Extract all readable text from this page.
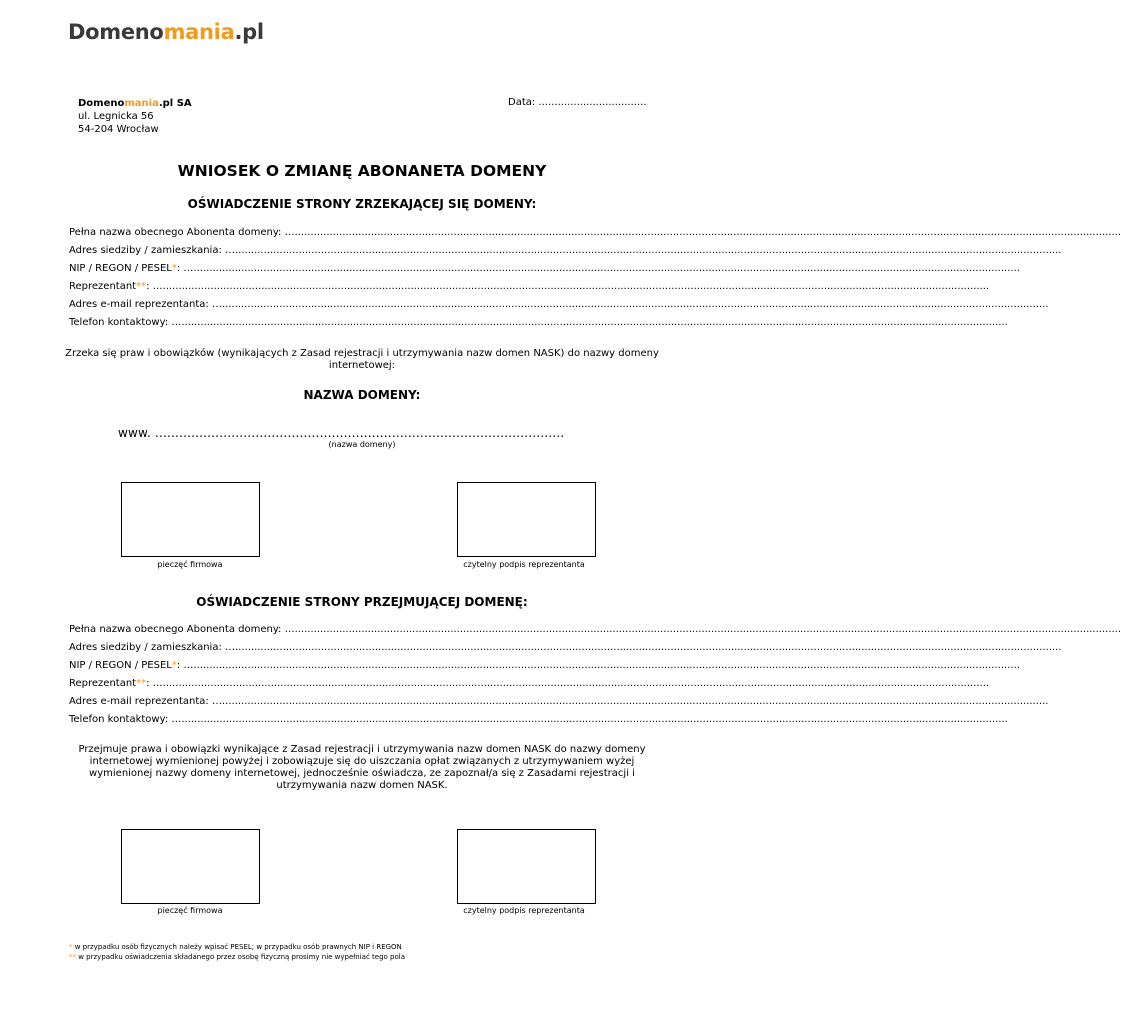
Domenomania.pl
Domenomania.pl SA
ul. Legnicka 56
54-204 Wrocław
Data: ..................................
WNIOSEK O ZMIANĘ ABONANETA DOMENY
OŚWIADCZENIE STRONY ZRZEKAJĄCEJ SIĘ DOMENY:
Pełna nazwa obecnego Abonenta domeny: …....................................................................................................................................................................................................................................................................
Adres siedziby / zamieszkania: …....................................................................................................................................................................................................................................................................
NIP / REGON / PESEL*: …....................................................................................................................................................................................................................................................................
Reprezentant**: …....................................................................................................................................................................................................................................................................
Adres e-mail reprezentanta: …....................................................................................................................................................................................................................................................................
Telefon kontaktowy: …....................................................................................................................................................................................................................................................................
Zrzeka się praw i obowiązków (wynikających z Zasad rejestracji i utrzymywania nazw domen NASK) do nazwy domeny internetowej:
NAZWA DOMENY:
www. ......................................................................................................
(nazwa domeny)
pieczęć firmowa	czytelny podpis reprezentanta
OŚWIADCZENIE STRONY PRZEJMUJĄCEJ DOMENĘ:
Pełna nazwa obecnego Abonenta domeny: …....................................................................................................................................................................................................................................................................
Adres siedziby / zamieszkania: …....................................................................................................................................................................................................................................................................
NIP / REGON / PESEL*: …....................................................................................................................................................................................................................................................................
Reprezentant**: …....................................................................................................................................................................................................................................................................
Adres e-mail reprezentanta: …....................................................................................................................................................................................................................................................................
Telefon kontaktowy: …....................................................................................................................................................................................................................................................................
Przejmuje prawa i obowiązki wynikające z Zasad rejestracji i utrzymywania nazw domen NASK do nazwy domeny internetowej wymienionej powyżej i zobowiązuje się do uiszczania opłat związanych z utrzymywaniem wyżej wymienionej nazwy domeny internetowej, jednocześnie oświadcza, ze zapoznał/a się z Zasadami rejestracji i utrzymywania nazw domen NASK.
pieczęć firmowa	czytelny podpis reprezentanta
* w przypadku osób fizycznych należy wpisać PESEL; w przypadku osób prawnych NIP i REGON
** w przypadku oświadczenia składanego przez osobę fizyczną prosimy nie wypełniać tego pola
